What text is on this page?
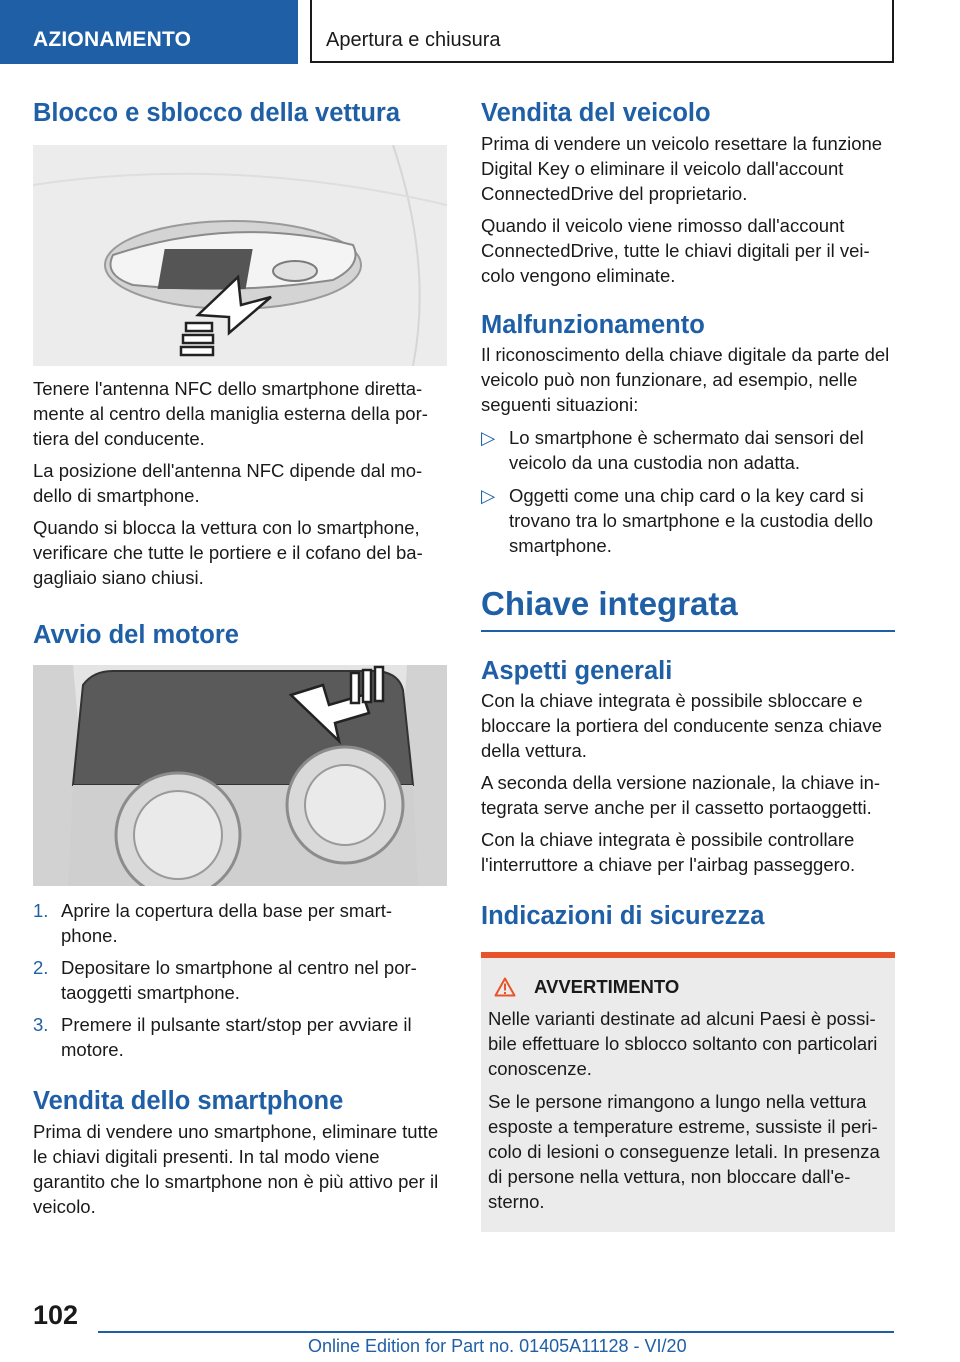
AZIONAMENTO	Apertura e chiusura
Blocco e sblocco della vettura

Tenere l'antenna NFC dello smartphone diretta-mente al centro della maniglia esterna della por-tiera del conducente.

La posizione dell'antenna NFC dipende dal mo-dello di smartphone.

Quando si blocca la vettura con lo smartphone, verificare che tutte le portiere e il cofano del ba-gagliaio siano chiusi.

Avvio del motore
1. Aprire la copertura della base per smart-phone.
2. Depositare lo smartphone al centro nel por-taoggetti smartphone.
3. Premere il pulsante start/stop per avviare il motore.
Vendita dello smartphone

Prima di vendere uno smartphone, eliminare tutte le chiavi digitali presenti. In tal modo viene garantito che lo smartphone non è più attivo per il veicolo.

Vendita del veicolo

Prima di vendere un veicolo resettare la funzione Digital Key o eliminare il veicolo dall'account ConnectedDrive del proprietario.

Quando il veicolo viene rimosso dall'account ConnectedDrive, tutte le chiavi digitali per il vei-colo vengono eliminate.

Malfunzionamento

Il riconoscimento della chiave digitale da parte del veicolo può non funzionare, ad esempio, nelle seguenti situazioni:

▷ Lo smartphone è schermato dai sensori del veicolo da una custodia non adatta.
▷ Oggetti come una chip card o la key card si trovano tra lo smartphone e la custodia dello smartphone.
Chiave integrata
Aspetti generali

Con la chiave integrata è possibile sbloccare e bloccare la portiera del conducente senza chiave della vettura.

A seconda della versione nazionale, la chiave in-tegrata serve anche per il cassetto portaoggetti.

Con la chiave integrata è possibile controllare l'interruttore a chiave per l'airbag passeggero.

Indicazioni di sicurezza
AVVERTIMENTO

Nelle varianti destinate ad alcuni Paesi è possi-bile effettuare lo sblocco soltanto con particolari conoscenze.

Se le persone rimangono a lungo nella vettura esposte a temperature estreme, sussiste il peri-colo di lesioni o conseguenze letali. In presenza di persone nella vettura, non bloccare dall'e-sterno.

102
Online Edition for Part no. 01405A11128 - VI/20
